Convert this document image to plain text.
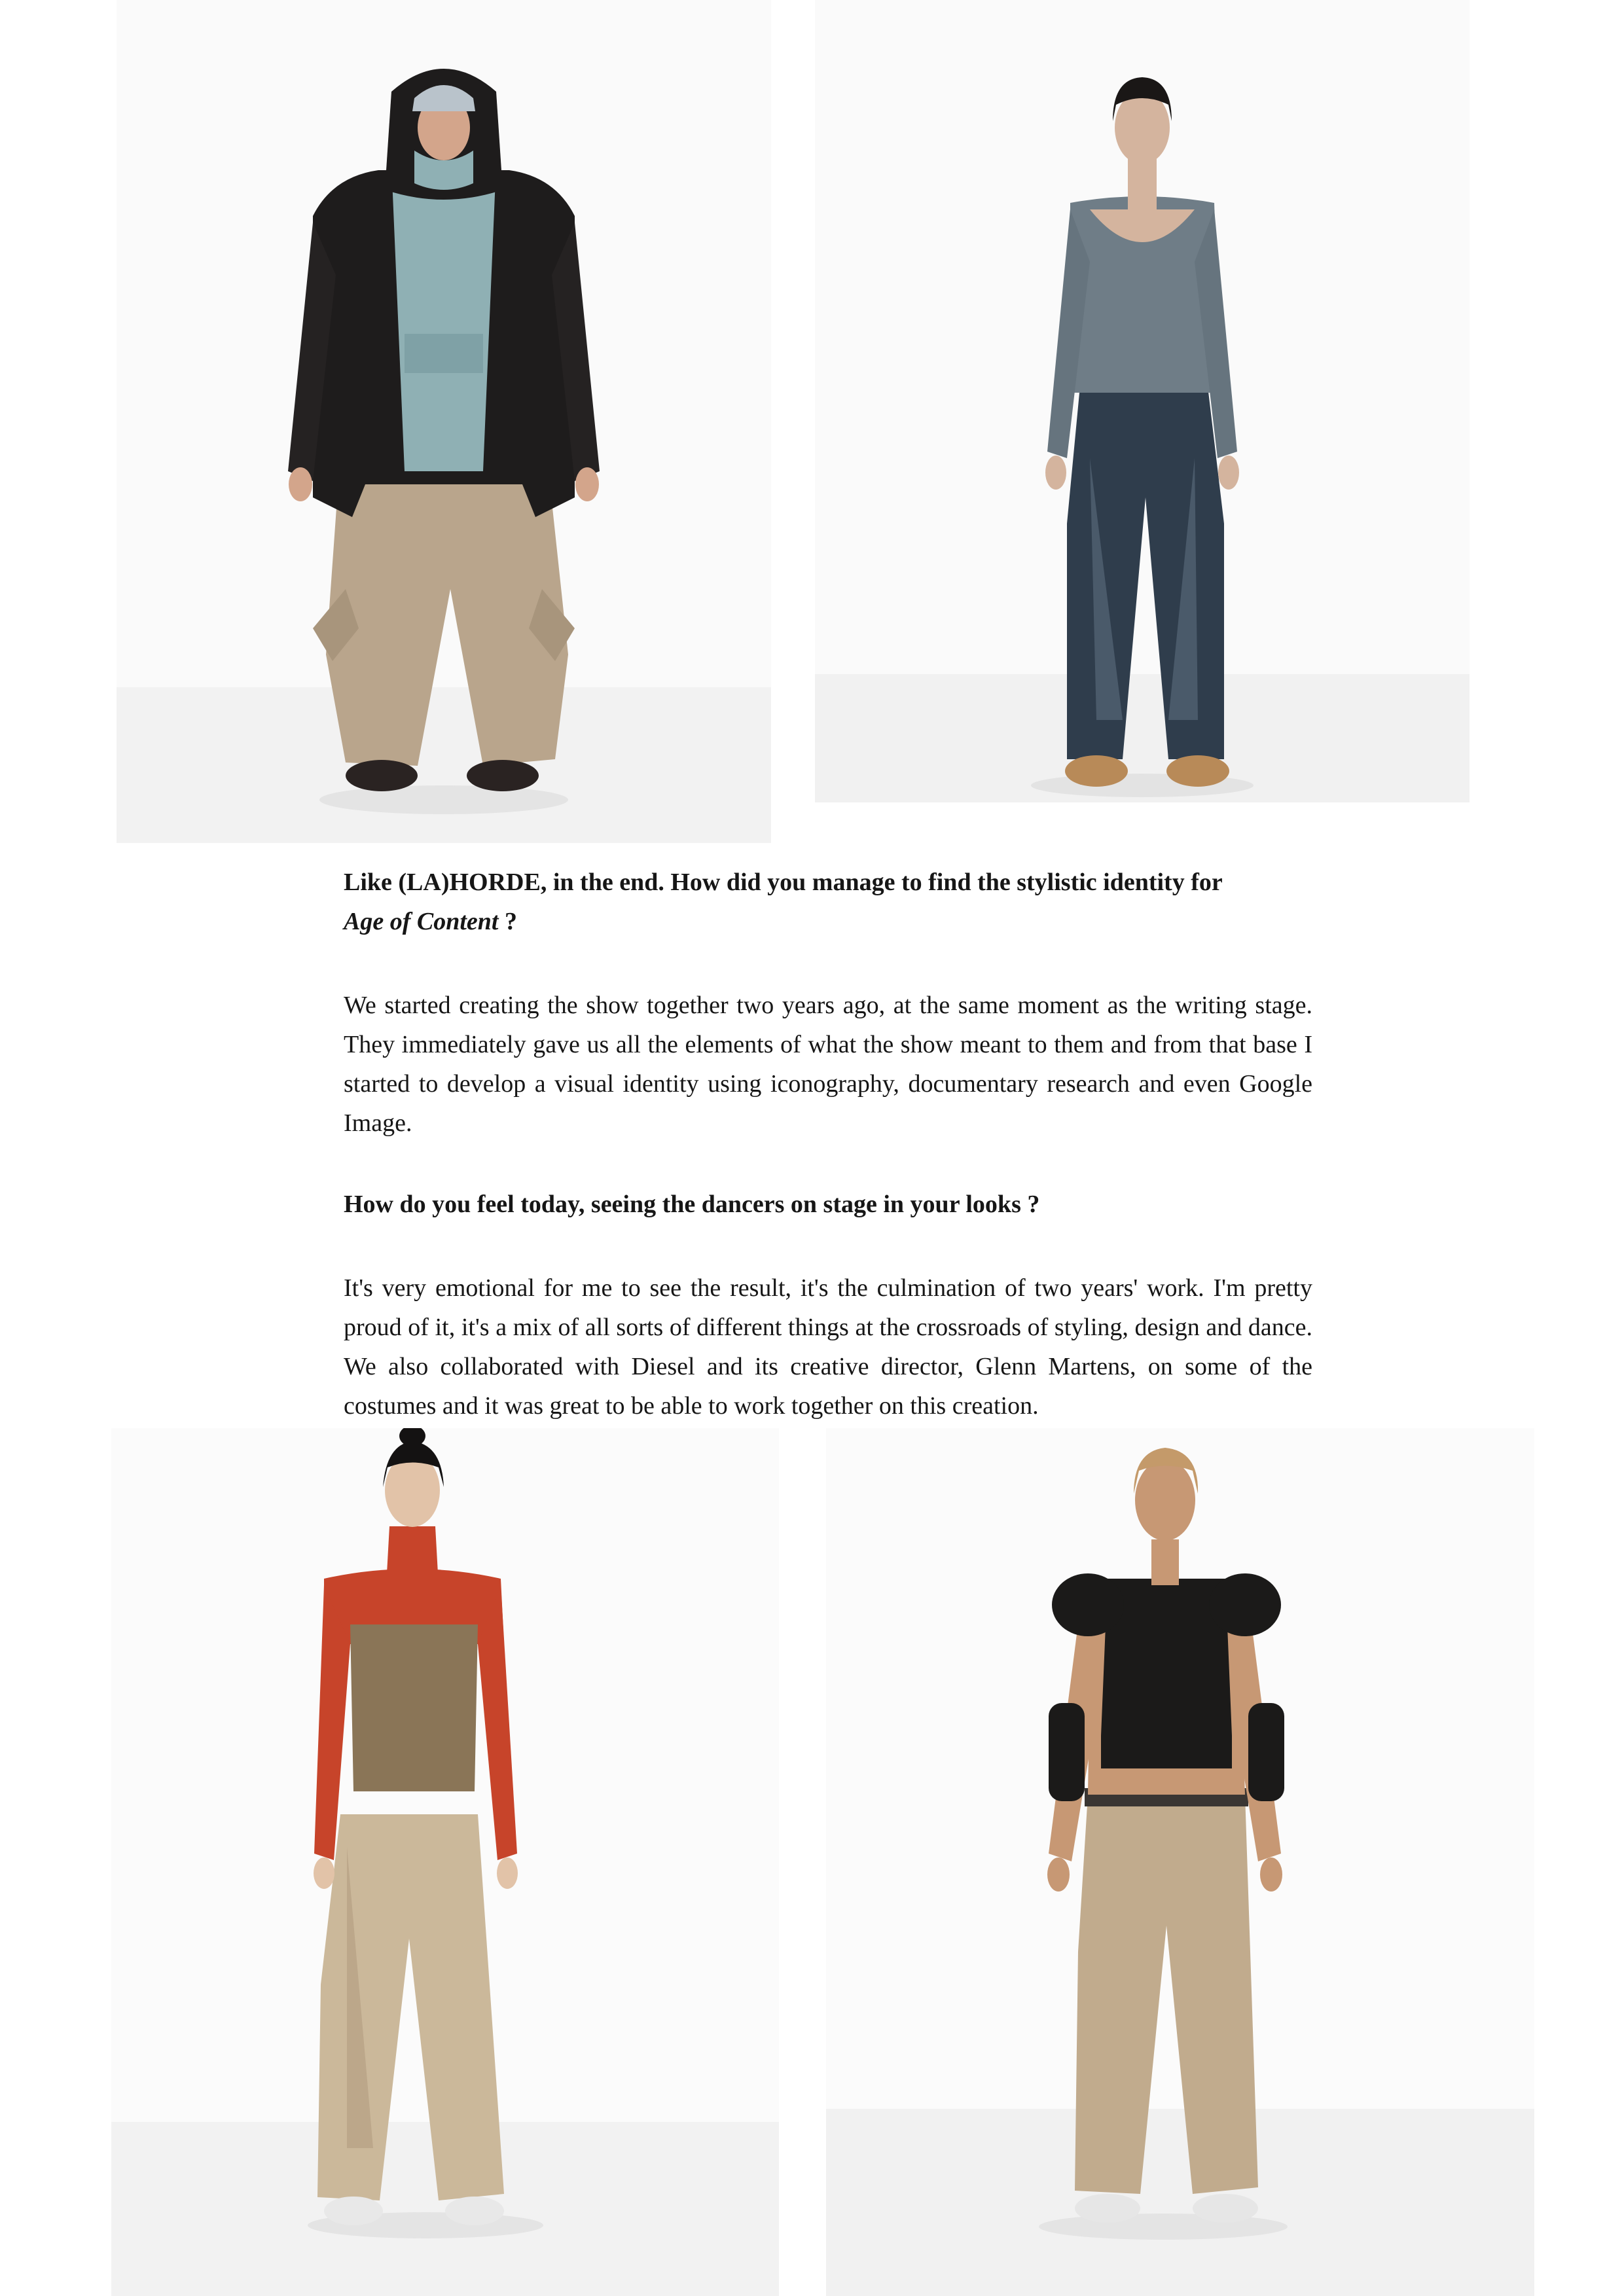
Like (LA)HORDE, in the end. How did you manage to find the stylistic identity for
Age of Content ?

We started creating the show together two years ago, at the same moment as the writing stage. They immediately gave us all the elements of what the show meant to them and from that base I started to develop a visual identity using iconography, documentary research and even Google Image.

How do you feel today, seeing the dancers on stage in your looks ?

It's very emotional for me to see the result, it's the culmination of two years' work. I'm pretty proud of it, it's a mix of all sorts of different things at the crossroads of styling, design and dance. We also collaborated with Diesel and its creative director, Glenn Martens, on some of the costumes and it was great to be able to work together on this creation.
